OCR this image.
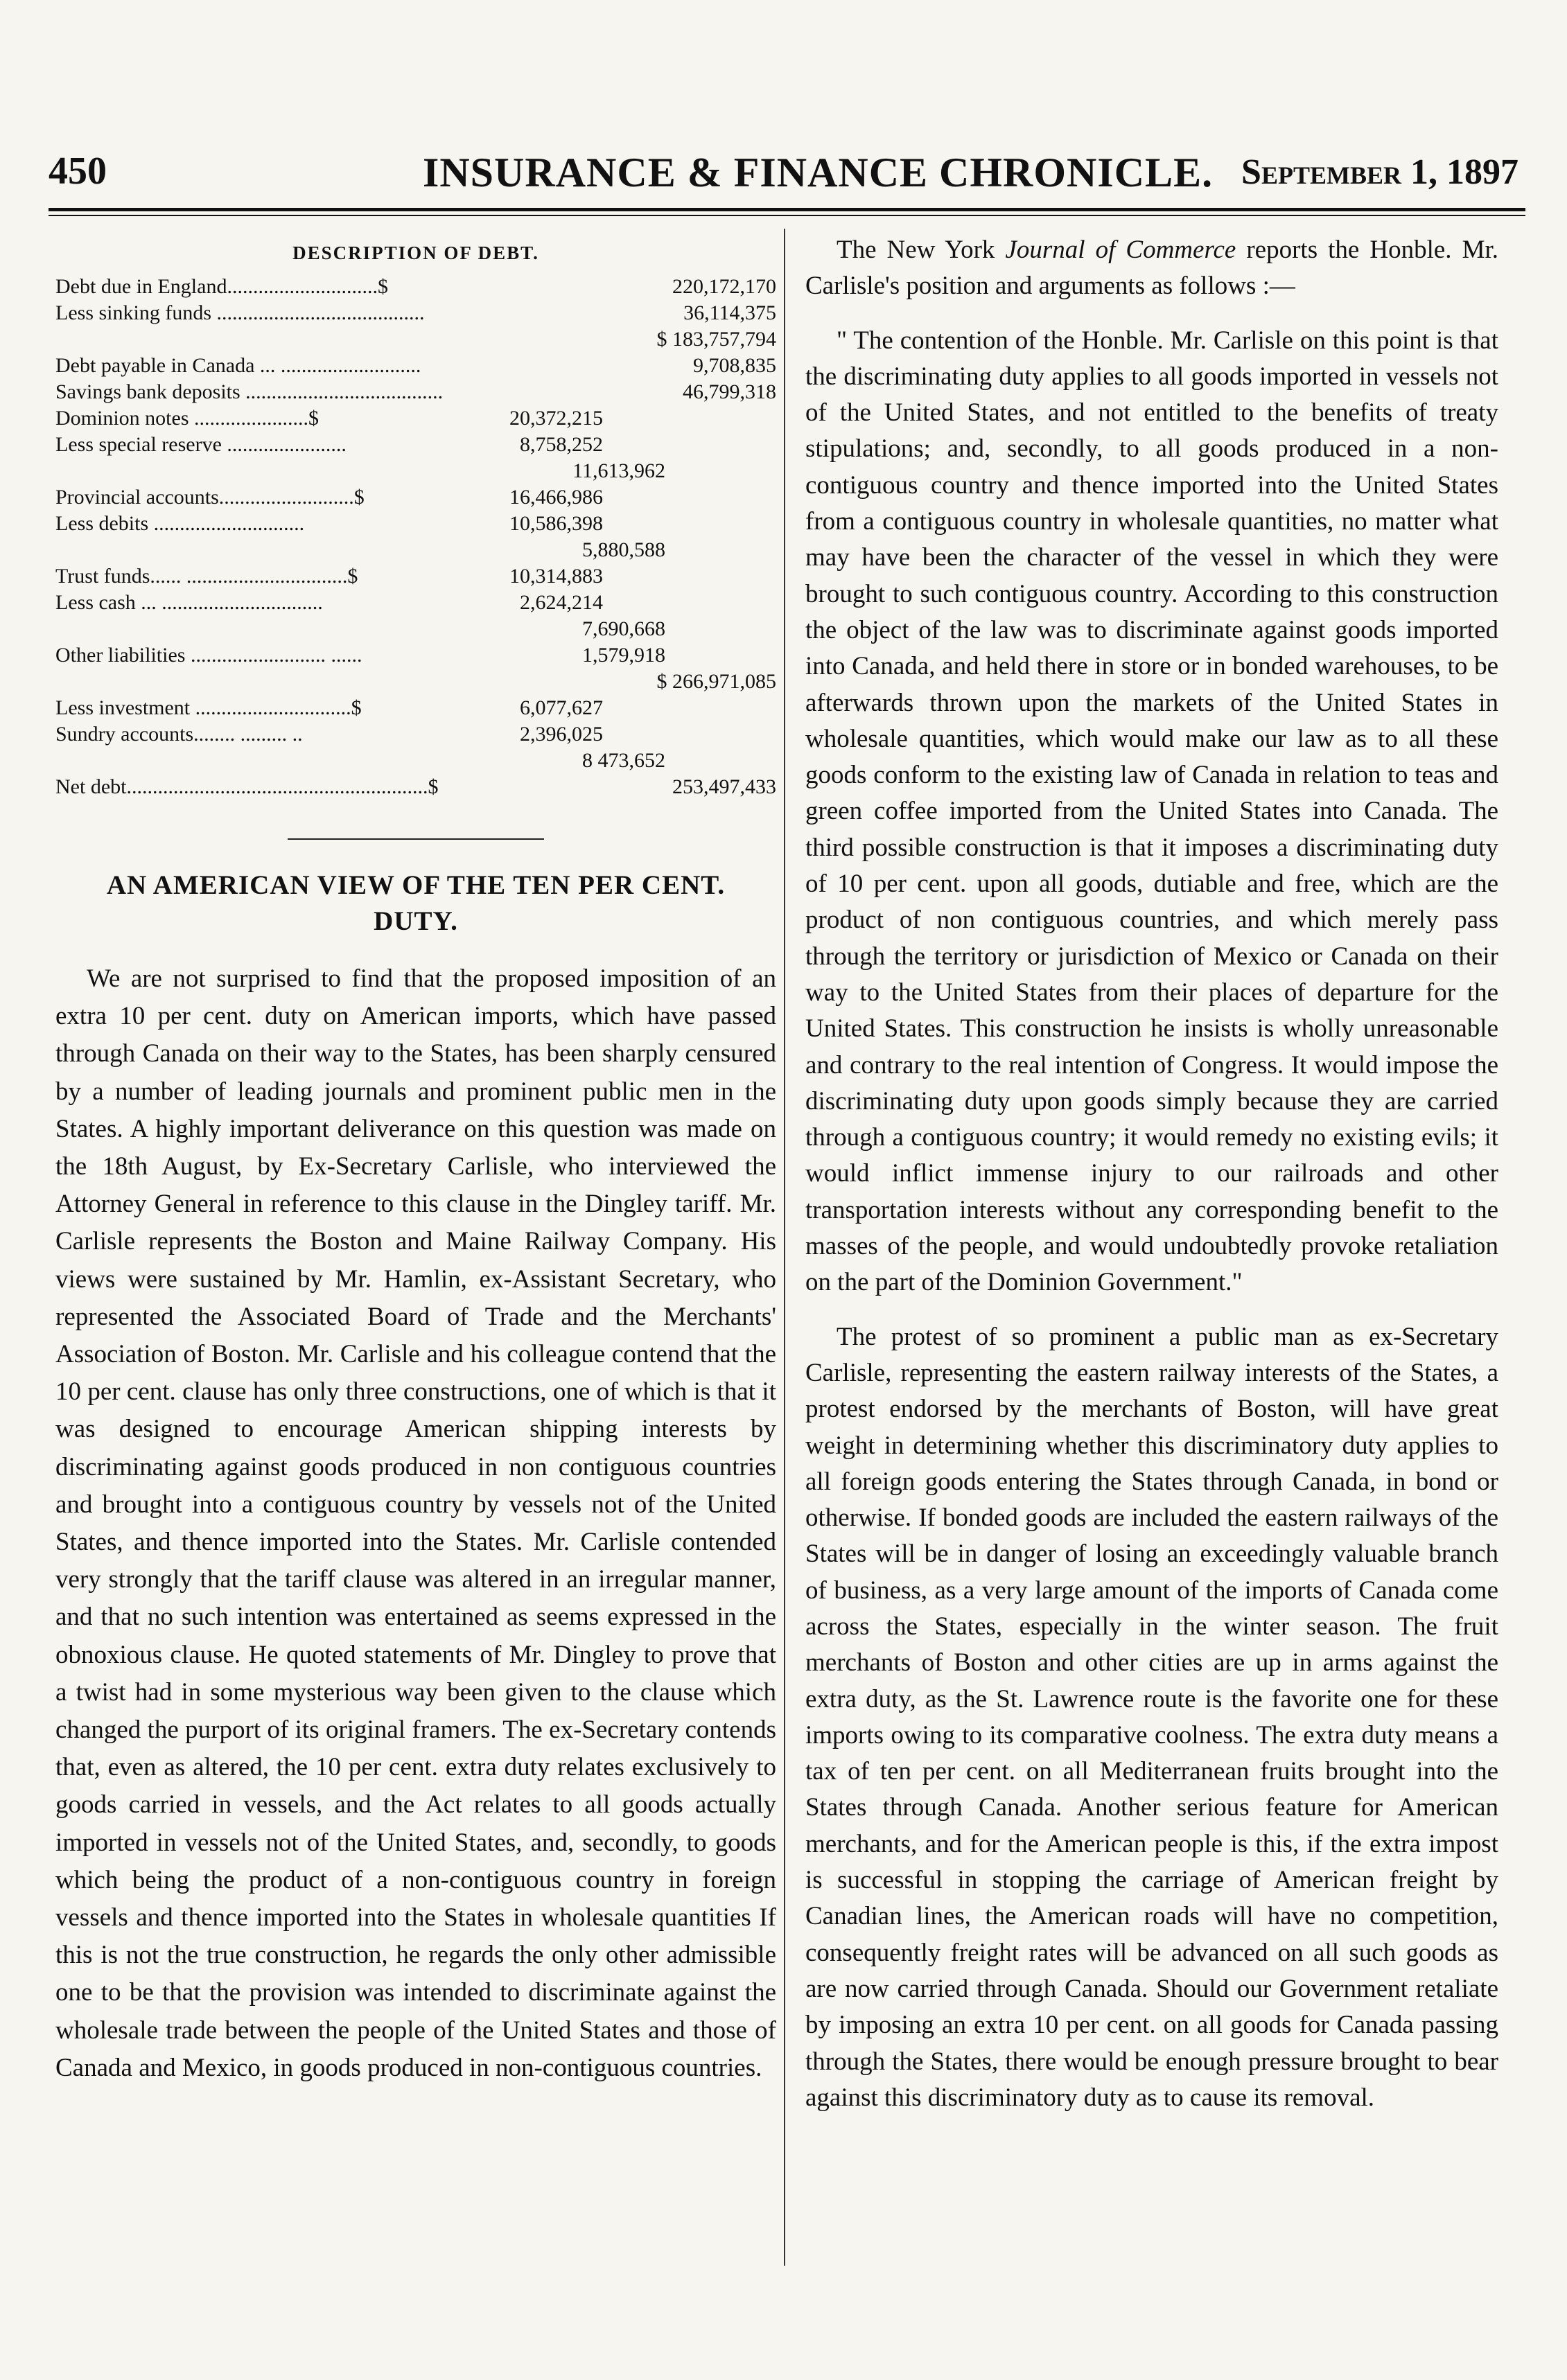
450	INSURANCE & FINANCE CHRONICLE. September 1, 1897
DESCRIPTION OF DEBT.
Debt due in England.............................$	220,172,170
Less sinking funds ........................................	36,114,375
$ 183,757,794
Debt payable in Canada ... ...........................	9,708,835
Savings bank deposits ......................................	46,799,318
Dominion notes ......................$	20,372,215
Less special reserve .......................	8,758,252
11,613,962
Provincial accounts..........................$	16,466,986
Less debits .............................	10,586,398
5,880,588
Trust funds...... ...............................$	10,314,883
Less cash ... ...............................	2,624,214
7,690,668
Other liabilities .......................... ......	1,579,918
$ 266,971,085
Less investment ..............................$	6,077,627
Sundry accounts........ ......... ..	2,396,025
8 473,652
Net debt..........................................................$	253,497,433
AN AMERICAN VIEW OF THE TEN PER CENT. DUTY.

We are not surprised to find that the proposed imposition of an extra 10 per cent. duty on American imports, which have passed through Canada on their way to the States, has been sharply censured by a number of leading journals and prominent public men in the States. A highly important deliverance on this question was made on the 18th August, by Ex-Secretary Carlisle, who interviewed the Attorney General in reference to this clause in the Dingley tariff. Mr. Carlisle represents the Boston and Maine Railway Company. His views were sustained by Mr. Hamlin, ex-Assistant Secretary, who represented the Associated Board of Trade and the Merchants' Association of Boston. Mr. Carlisle and his colleague contend that the 10 per cent. clause has only three constructions, one of which is that it was designed to encourage American shipping interests by discriminating against goods produced in non contiguous countries and brought into a contiguous country by vessels not of the United States, and thence imported into the States. Mr. Carlisle contended very strongly that the tariff clause was altered in an irregular manner, and that no such intention was entertained as seems expressed in the obnoxious clause. He quoted statements of Mr. Dingley to prove that a twist had in some mysterious way been given to the clause which changed the purport of its original framers. The ex-Secretary contends that, even as altered, the 10 per cent. extra duty relates exclusively to goods carried in vessels, and the Act relates to all goods actually imported in vessels not of the United States, and, secondly, to goods which being the product of a non-contiguous country in foreign vessels and thence imported into the States in wholesale quantities If this is not the true construction, he regards the only other admissible one to be that the provision was intended to discriminate against the wholesale trade between the people of the United States and those of Canada and Mexico, in goods produced in non-contiguous countries.

The New York Journal of Commerce reports the Honble. Mr. Carlisle's position and arguments as follows :—

" The contention of the Honble. Mr. Carlisle on this point is that the discriminating duty applies to all goods imported in vessels not of the United States, and not entitled to the benefits of treaty stipulations; and, secondly, to all goods produced in a non-contiguous country and thence imported into the United States from a contiguous country in wholesale quantities, no matter what may have been the character of the vessel in which they were brought to such contiguous country. According to this construction the object of the law was to discriminate against goods imported into Canada, and held there in store or in bonded warehouses, to be afterwards thrown upon the markets of the United States in wholesale quantities, which would make our law as to all these goods conform to the existing law of Canada in relation to teas and green coffee imported from the United States into Canada. The third possible construction is that it imposes a discriminating duty of 10 per cent. upon all goods, dutiable and free, which are the product of non contiguous countries, and which merely pass through the territory or jurisdiction of Mexico or Canada on their way to the United States from their places of departure for the United States. This construction he insists is wholly unreasonable and contrary to the real intention of Congress. It would impose the discriminating duty upon goods simply because they are carried through a contiguous country; it would remedy no existing evils; it would inflict immense injury to our railroads and other transportation interests without any corresponding benefit to the masses of the people, and would undoubtedly provoke retaliation on the part of the Dominion Government."

The protest of so prominent a public man as ex-Secretary Carlisle, representing the eastern railway interests of the States, a protest endorsed by the merchants of Boston, will have great weight in determining whether this discriminatory duty applies to all foreign goods entering the States through Canada, in bond or otherwise. If bonded goods are included the eastern railways of the States will be in danger of losing an exceedingly valuable branch of business, as a very large amount of the imports of Canada come across the States, especially in the winter season. The fruit merchants of Boston and other cities are up in arms against the extra duty, as the St. Lawrence route is the favorite one for these imports owing to its comparative coolness. The extra duty means a tax of ten per cent. on all Mediterranean fruits brought into the States through Canada. Another serious feature for American merchants, and for the American people is this, if the extra impost is successful in stopping the carriage of American freight by Canadian lines, the American roads will have no competition, consequently freight rates will be advanced on all such goods as are now carried through Canada. Should our Government retaliate by imposing an extra 10 per cent. on all goods for Canada passing through the States, there would be enough pressure brought to bear against this discriminatory duty as to cause its removal.
